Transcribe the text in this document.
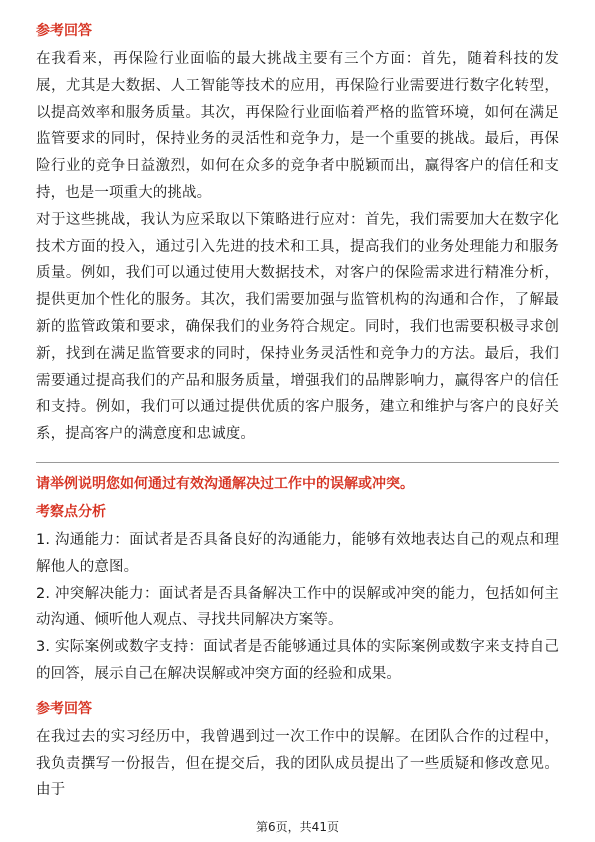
参考回答

在我看来，再保险行业面临的最大挑战主要有三个方面：首先，随着科技的发展，尤其是大数据、人工智能等技术的应用，再保险行业需要进行数字化转型，以提高效率和服务质量。其次，再保险行业面临着严格的监管环境，如何在满足监管要求的同时，保持业务的灵活性和竞争力，是一个重要的挑战。最后，再保险行业的竞争日益激烈，如何在众多的竞争者中脱颖而出，赢得客户的信任和支持，也是一项重大的挑战。

对于这些挑战，我认为应采取以下策略进行应对：首先，我们需要加大在数字化技术方面的投入，通过引入先进的技术和工具，提高我们的业务处理能力和服务质量。例如，我们可以通过使用大数据技术，对客户的保险需求进行精准分析，提供更加个性化的服务。其次，我们需要加强与监管机构的沟通和合作，了解最新的监管政策和要求，确保我们的业务符合规定。同时，我们也需要积极寻求创新，找到在满足监管要求的同时，保持业务灵活性和竞争力的方法。最后，我们需要通过提高我们的产品和服务质量，增强我们的品牌影响力，赢得客户的信任和支持。例如，我们可以通过提供优质的客户服务，建立和维护与客户的良好关系，提高客户的满意度和忠诚度。

请举例说明您如何通过有效沟通解决过工作中的误解或冲突。
考察点分析

1. 沟通能力：面试者是否具备良好的沟通能力，能够有效地表达自己的观点和理解他人的意图。

2. 冲突解决能力：面试者是否具备解决工作中的误解或冲突的能力，包括如何主动沟通、倾听他人观点、寻找共同解决方案等。

3. 实际案例或数字支持：面试者是否能够通过具体的实际案例或数字来支持自己的回答，展示自己在解决误解或冲突方面的经验和成果。

参考回答

在我过去的实习经历中，我曾遇到过一次工作中的误解。在团队合作的过程中，我负责撰写一份报告，但在提交后，我的团队成员提出了一些质疑和修改意见。由于

第6页，共41页
